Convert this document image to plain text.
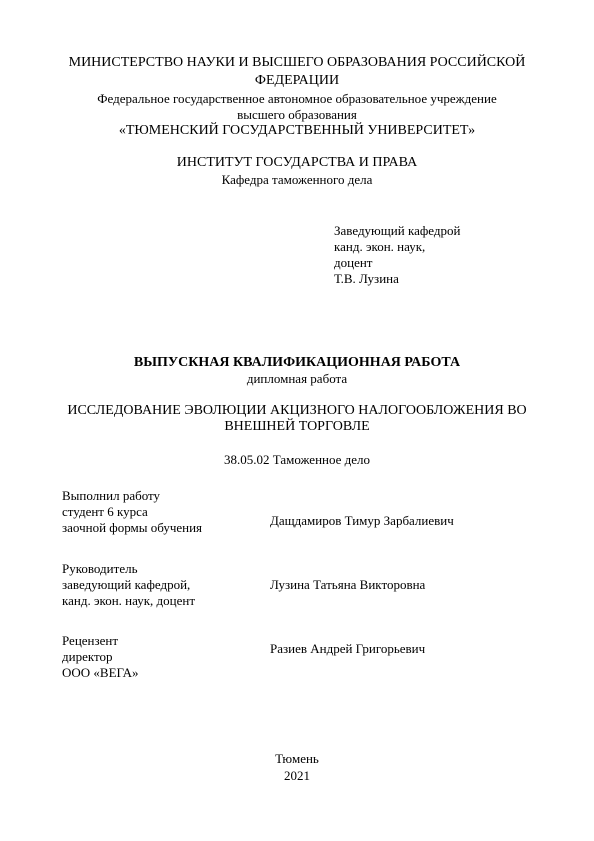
МИНИСТЕРСТВО НАУКИ И ВЫСШЕГО ОБРАЗОВАНИЯ РОССИЙСКОЙ
ФЕДЕРАЦИИ
Федеральное государственное автономное образовательное учреждение
высшего образования
«ТЮМЕНСКИЙ ГОСУДАРСТВЕННЫЙ УНИВЕРСИТЕТ»
ИНСТИТУТ ГОСУДАРСТВА И ПРАВА
Кафедра таможенного дела
Заведующий кафедрой
канд. экон. наук,
доцент
Т.В. Лузина
ВЫПУСКНАЯ КВАЛИФИКАЦИОННАЯ РАБОТА
дипломная работа
ИССЛЕДОВАНИЕ ЭВОЛЮЦИИ АКЦИЗНОГО НАЛОГООБЛОЖЕНИЯ ВО
ВНЕШНЕЙ ТОРГОВЛЕ
38.05.02 Таможенное дело
Выполнил работу
студент 6 курса
заочной формы обучения	Дащдамиров Тимур Зарбалиевич
Руководитель
заведующий кафедрой,
канд. экон. наук, доцент
Лузина Татьяна Викторовна
Рецензент
директор
ООО «ВЕГА»
Разиев Андрей Григорьевич
Тюмень
2021
